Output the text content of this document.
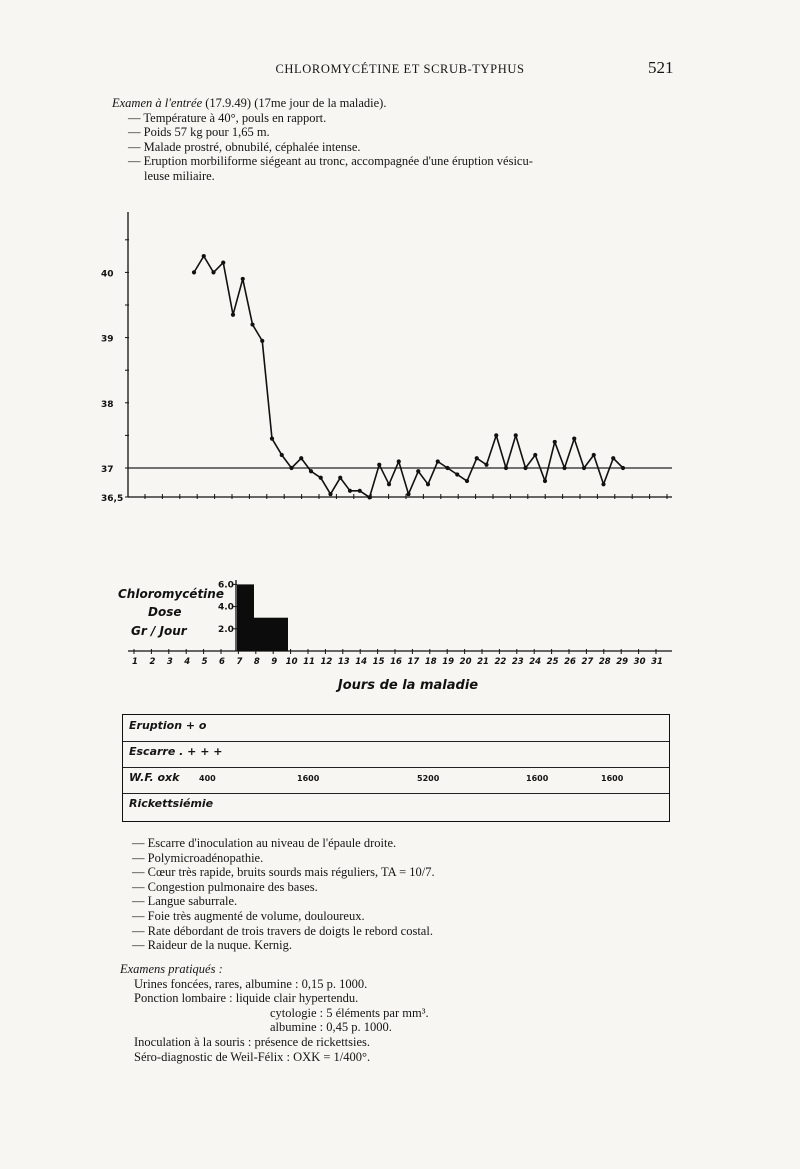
CHLOROMYCÉTINE ET SCRUB-TYPHUS	521
Examen à l'entrée (17.9.49) (17me jour de la maladie).
— Température à 40°, pouls en rapport.
— Poids 57 kg pour 1,65 m.
— Malade prostré, obnubilé, céphalée intense.
— Eruption morbiliforme siégeant au tronc, accompagnée d'une éruption vésicu-
leuse miliaire.
40
39
38
37
36,5
6.0
4.0
2.0
Chloromycétine
Dose
Gr / Jour
1 2 3 4 5 6 7 8 9 10 11 12 13 14 15 16 17 18 19 20 21 22 23 24 25 26 27 28 29 30 31
Jours de la maladie
Eruption + o
Escarre . + + +
W.F. oxk 400	1600	5200	1600	1600
Rickettsiémie
— Escarre d'inoculation au niveau de l'épaule droite.
— Polymicroadénopathie.
— Cœur très rapide, bruits sourds mais réguliers, TA = 10/7.
— Congestion pulmonaire des bases.
— Langue saburrale.
— Foie très augmenté de volume, douloureux.
— Rate débordant de trois travers de doigts le rebord costal.
— Raideur de la nuque. Kernig.
Examens pratiqués :
Urines foncées, rares, albumine : 0,15 p. 1000.
Ponction lombaire : liquide clair hypertendu.
cytologie : 5 éléments par mm³.
albumine : 0,45 p. 1000.
Inoculation à la souris : présence de rickettsies.
Séro-diagnostic de Weil-Félix : OXK = 1/400°.
